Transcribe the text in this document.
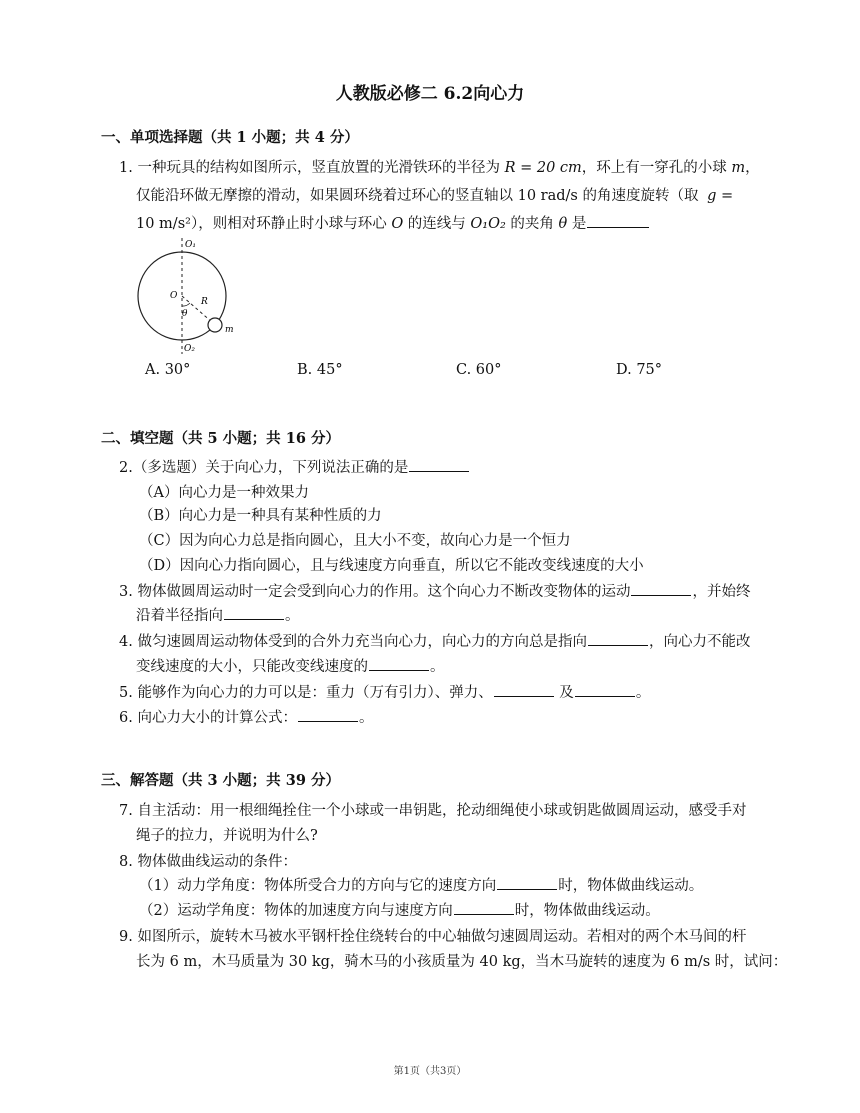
人教版必修二 6.2向心力
一、单项选择题（共 1 小题；共 4 分）
1. 一种玩具的结构如图所示，竖直放置的光滑铁环的半径为 R = 20 cm，环上有一穿孔的小球 m，
仅能沿环做无摩擦的滑动，如果圆环绕着过环心的竖直轴以 10 rad/s 的角速度旋转（取 g =
10 m/s²），则相对环静止时小球与环心 O 的连线与 O₁O₂ 的夹角 θ 是
O₁
O
R
θ
m
O₂
A. 30°	B. 45°	C. 60°	D. 75°
二、填空题（共 5 小题；共 16 分）
2.（多选题）关于向心力，下列说法正确的是
（A）向心力是一种效果力
（B）向心力是一种具有某种性质的力
（C）因为向心力总是指向圆心，且大小不变，故向心力是一个恒力
（D）因向心力指向圆心，且与线速度方向垂直，所以它不能改变线速度的大小
3. 物体做圆周运动时一定会受到向心力的作用。这个向心力不断改变物体的运动	，并始终
沿着半径指向	。
4. 做匀速圆周运动物体受到的合外力充当向心力，向心力的方向总是指向	，向心力不能改
变线速度的大小，只能改变线速度的	。
5. 能够作为向心力的力可以是：重力（万有引力）、弹力、	及	。
6. 向心力大小的计算公式：	。
三、解答题（共 3 小题；共 39 分）
7. 自主活动：用一根细绳拴住一个小球或一串钥匙，抡动细绳使小球或钥匙做圆周运动，感受手对
绳子的拉力，并说明为什么?
8. 物体做曲线运动的条件：
（1）动力学角度：物体所受合力的方向与它的速度方向	时，物体做曲线运动。
（2）运动学角度：物体的加速度方向与速度方向	时，物体做曲线运动。
9. 如图所示，旋转木马被水平钢杆拴住绕转台的中心轴做匀速圆周运动。若相对的两个木马间的杆
长为 6 m，木马质量为 30 kg，骑木马的小孩质量为 40 kg，当木马旋转的速度为 6 m/s 时，试问：
第1页（共3页）
